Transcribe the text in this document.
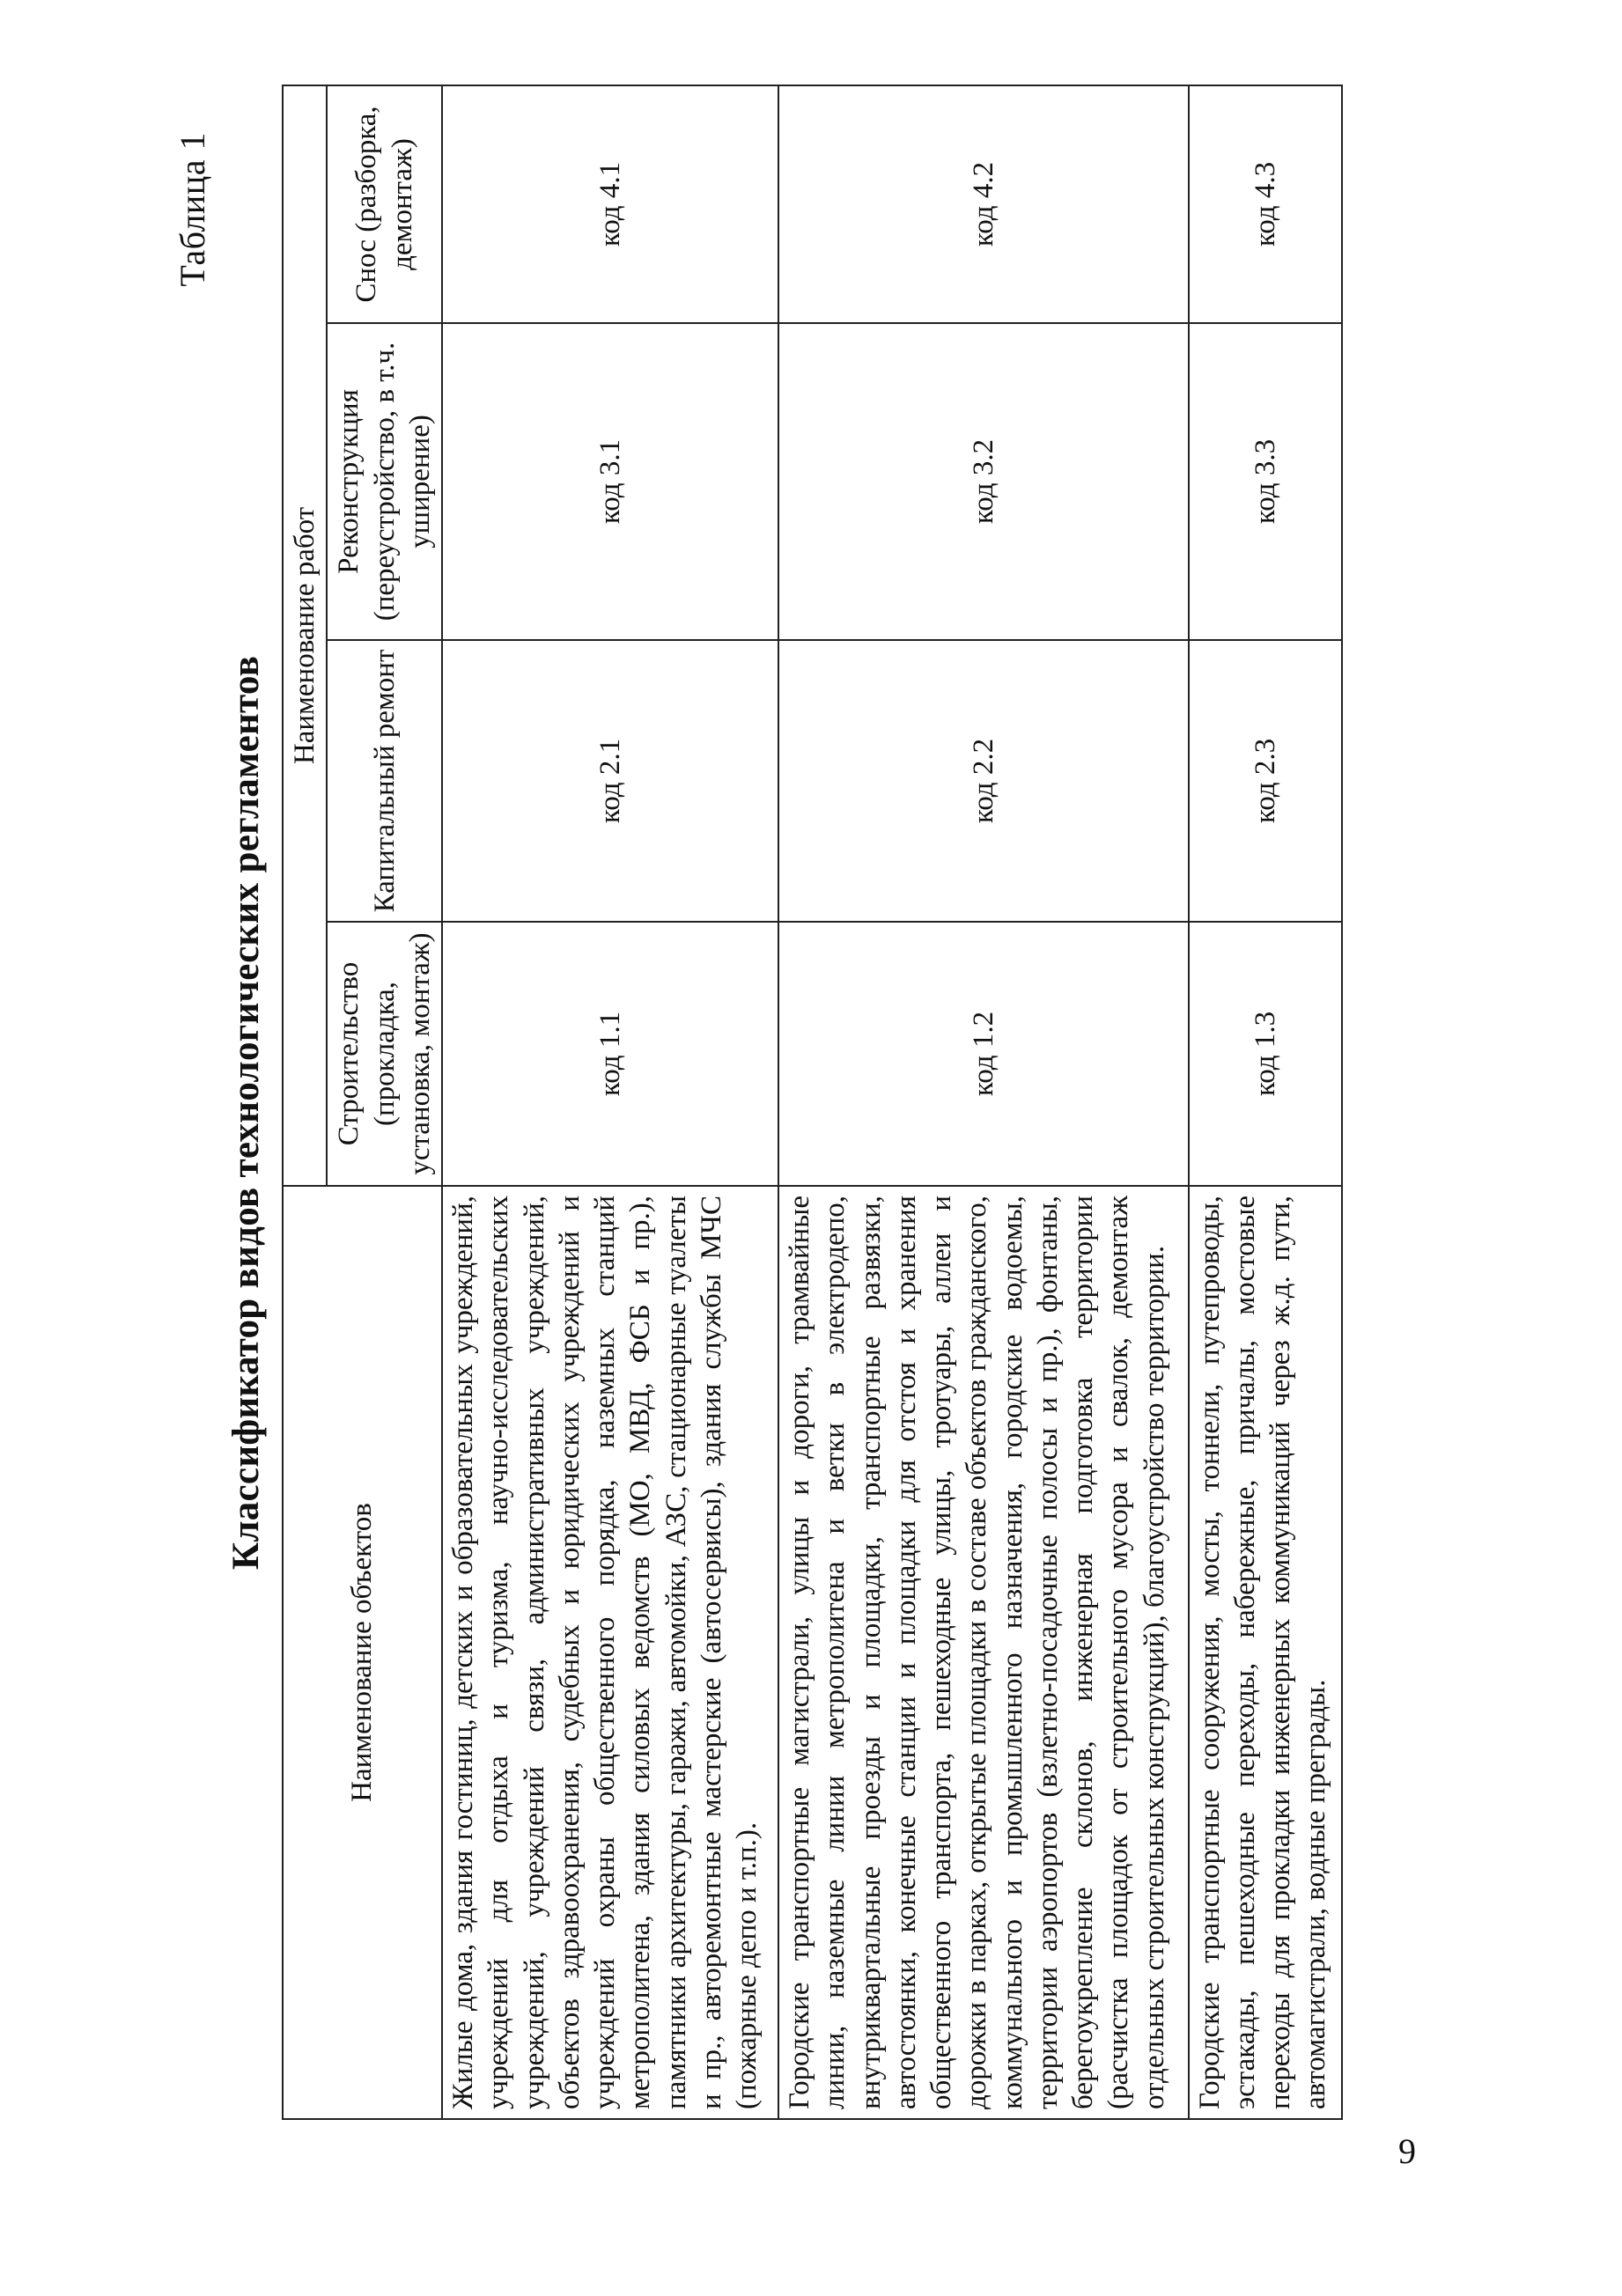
Таблица 1
Классификатор видов технологических регламентов
Наименование объектов	Наименование работ			
	Строительство (прокладка, установка, монтаж)	Капитальный ремонт	Реконструкция (переустройство, в т.ч. уширение)	Снос (разборка, демонтаж)
Жилые дома, здания гостиниц, детских и образовательных учреждений, учреждений для отдыха и туризма, научно-исследовательских учреждений, учреждений связи, административных учреждений, объектов здравоохранения, судебных и юридических учреждений и учреждений охраны общественного порядка, наземных станций метрополитена, здания силовых ведомств (МО, МВД, ФСБ и пр.), памятники архитектуры, гаражи, автомойки, АЗС, стационарные туалеты и пр., авторемонтные мастерские (автосервисы), здания службы МЧС (пожарные депо и т.п.).	код 1.1	код 2.1	код 3.1	код 4.1
Городские транспортные магистрали, улицы и дороги, трамвайные линии, наземные линии метрополитена и ветки в электродепо, внутриквартальные проезды и площадки, транспортные развязки, автостоянки, конечные станции и площадки для отстоя и хранения общественного транспорта, пешеходные улицы, тротуары, аллеи и дорожки в парках, открытые площадки в составе объектов гражданского, коммунального и промышленного назначения, городские водоемы, территории аэропортов (взлетно-посадочные полосы и пр.), фонтаны, берегоукрепление склонов, инженерная подготовка территории (расчистка площадок от строительного мусора и свалок, демонтаж отдельных строительных конструкций), благоустройство территории.	код 1.2	код 2.2	код 3.2	код 4.2
Городские транспортные сооружения, мосты, тоннели, путепроводы, эстакады, пешеходные переходы, набережные, причалы, мостовые переходы для прокладки инженерных коммуникаций через ж.д. пути, автомагистрали, водные преграды.	код 1.3	код 2.3	код 3.3	код 4.3
9
